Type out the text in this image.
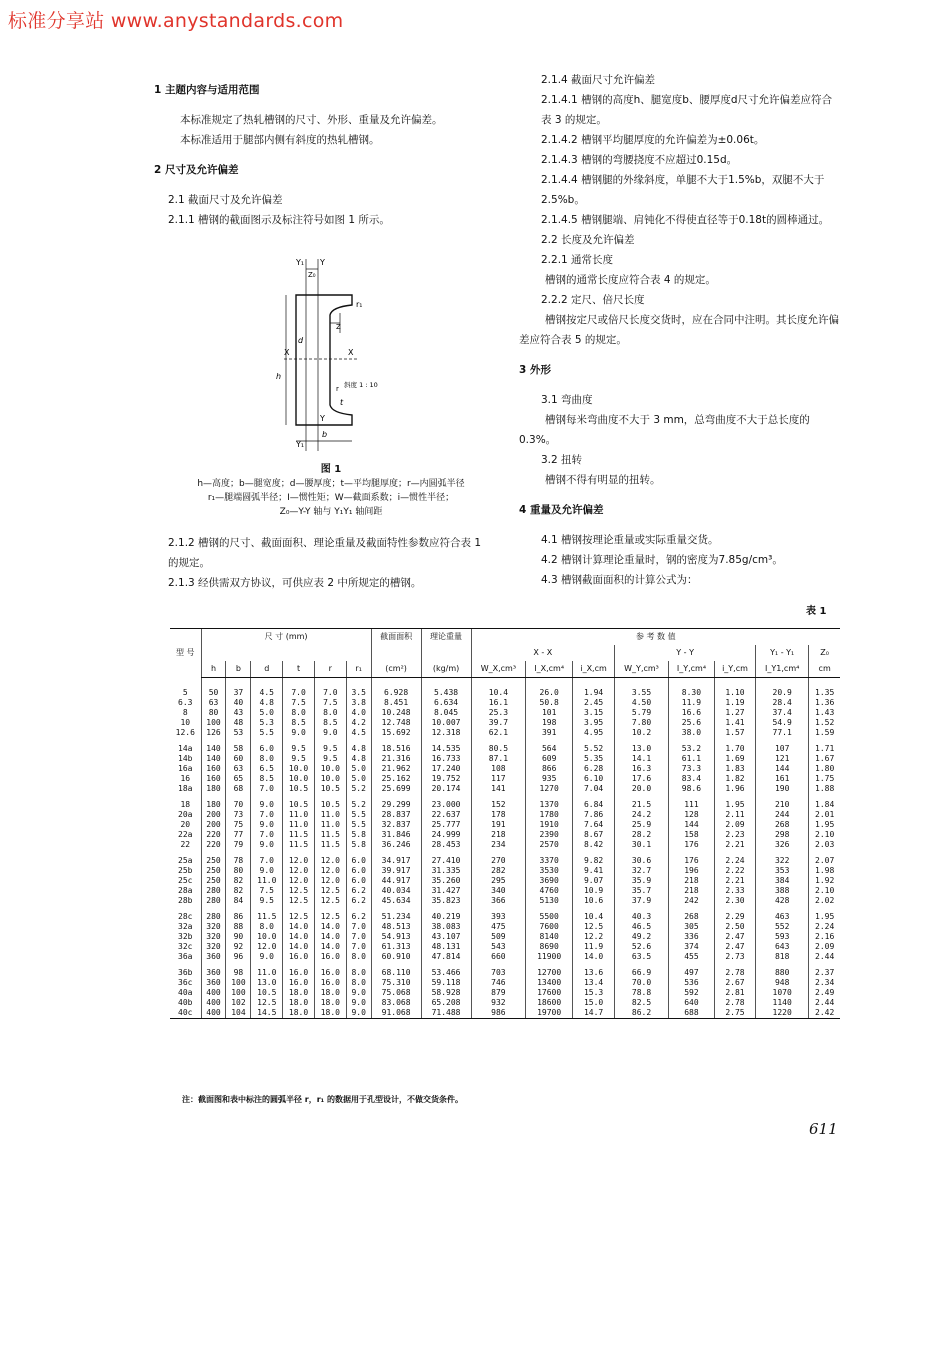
标准分享站 www.anystandards.com

1 主题内容与适用范围

本标准规定了热轧槽钢的尺寸、外形、重量及允许偏差。

本标准适用于腿部内侧有斜度的热轧槽钢。

2 尺寸及允许偏差

2.1 截面尺寸及允许偏差

2.1.1 槽钢的截面图示及标注符号如图 1 所示。

Y₁ Y
Z₀
r₁
Z
d
h
X	X
r 斜度 1 : 10
t
Y
Y₁
b
图 1
h—高度；b—腿宽度；d—腰厚度；t—平均腿厚度；r—内圆弧半径
r₁—腿端圆弧半径；I—惯性矩；W—截面系数；i—惯性半径；
Z₀—Y-Y 轴与 Y₁Y₁ 轴间距

2.1.2 槽钢的尺寸、截面面积、理论重量及截面特性参数应符合表 1 的规定。

2.1.3 经供需双方协议，可供应表 2 中所规定的槽钢。

2.1.4 截面尺寸允许偏差

2.1.4.1 槽钢的高度h、腿宽度b、腰厚度d尺寸允许偏差应符合表 3 的规定。

2.1.4.2 槽钢平均腿厚度的允许偏差为±0.06t。

2.1.4.3 槽钢的弯腰挠度不应超过0.15d。

2.1.4.4 槽钢腿的外缘斜度，单腿不大于1.5%b，双腿不大于2.5%b。

2.1.4.5 槽钢腿端、肩钝化不得使直径等于0.18t的圆棒通过。

2.2 长度及允许偏差

2.2.1 通常长度

槽钢的通常长度应符合表 4 的规定。

2.2.2 定尺、倍尺长度

槽钢按定尺或倍尺长度交货时，应在合同中注明。其长度允许偏差应符合表 5 的规定。

3 外形

3.1 弯曲度

槽钢每米弯曲度不大于 3 mm，总弯曲度不大于总长度的0.3%。

3.2 扭转

槽钢不得有明显的扭转。

4 重量及允许偏差

4.1 槽钢按理论重量或实际重量交货。

4.2 槽钢计算理论重量时，钢的密度为7.85g/cm³。

4.3 槽钢截面面积的计算公式为：

表 1
型 号	尺 寸 (mm)						截面面积	理论重量	参 考 数 值							
									X - X			Y - Y			Y₁ - Y₁	Z₀
	h	b	d	t	r	r₁	(cm²)	(kg/m)	W_X,cm³	I_X,cm⁴	i_X,cm	W_Y,cm³	I_Y,cm⁴	i_Y,cm	I_Y1,cm⁴	cm
5	50	37	4.5	7.0	7.0	3.5	6.928	5.438	10.4	26.0	1.94	3.55	8.30	1.10	20.9	1.35
6.3	63	40	4.8	7.5	7.5	3.8	8.451	6.634	16.1	50.8	2.45	4.50	11.9	1.19	28.4	1.36
8	80	43	5.0	8.0	8.0	4.0	10.248	8.045	25.3	101	3.15	5.79	16.6	1.27	37.4	1.43
10	100	48	5.3	8.5	8.5	4.2	12.748	10.007	39.7	198	3.95	7.80	25.6	1.41	54.9	1.52
12.6	126	53	5.5	9.0	9.0	4.5	15.692	12.318	62.1	391	4.95	10.2	38.0	1.57	77.1	1.59
14a	140	58	6.0	9.5	9.5	4.8	18.516	14.535	80.5	564	5.52	13.0	53.2	1.70	107	1.71
14b	140	60	8.0	9.5	9.5	4.8	21.316	16.733	87.1	609	5.35	14.1	61.1	1.69	121	1.67
16a	160	63	6.5	10.0	10.0	5.0	21.962	17.240	108	866	6.28	16.3	73.3	1.83	144	1.80
16	160	65	8.5	10.0	10.0	5.0	25.162	19.752	117	935	6.10	17.6	83.4	1.82	161	1.75
18a	180	68	7.0	10.5	10.5	5.2	25.699	20.174	141	1270	7.04	20.0	98.6	1.96	190	1.88
18	180	70	9.0	10.5	10.5	5.2	29.299	23.000	152	1370	6.84	21.5	111	1.95	210	1.84
20a	200	73	7.0	11.0	11.0	5.5	28.837	22.637	178	1780	7.86	24.2	128	2.11	244	2.01
20	200	75	9.0	11.0	11.0	5.5	32.837	25.777	191	1910	7.64	25.9	144	2.09	268	1.95
22a	220	77	7.0	11.5	11.5	5.8	31.846	24.999	218	2390	8.67	28.2	158	2.23	298	2.10
22	220	79	9.0	11.5	11.5	5.8	36.246	28.453	234	2570	8.42	30.1	176	2.21	326	2.03
25a	250	78	7.0	12.0	12.0	6.0	34.917	27.410	270	3370	9.82	30.6	176	2.24	322	2.07
25b	250	80	9.0	12.0	12.0	6.0	39.917	31.335	282	3530	9.41	32.7	196	2.22	353	1.98
25c	250	82	11.0	12.0	12.0	6.0	44.917	35.260	295	3690	9.07	35.9	218	2.21	384	1.92
28a	280	82	7.5	12.5	12.5	6.2	40.034	31.427	340	4760	10.9	35.7	218	2.33	388	2.10
28b	280	84	9.5	12.5	12.5	6.2	45.634	35.823	366	5130	10.6	37.9	242	2.30	428	2.02
28c	280	86	11.5	12.5	12.5	6.2	51.234	40.219	393	5500	10.4	40.3	268	2.29	463	1.95
32a	320	88	8.0	14.0	14.0	7.0	48.513	38.083	475	7600	12.5	46.5	305	2.50	552	2.24
32b	320	90	10.0	14.0	14.0	7.0	54.913	43.107	509	8140	12.2	49.2	336	2.47	593	2.16
32c	320	92	12.0	14.0	14.0	7.0	61.313	48.131	543	8690	11.9	52.6	374	2.47	643	2.09
36a	360	96	9.0	16.0	16.0	8.0	60.910	47.814	660	11900	14.0	63.5	455	2.73	818	2.44
36b	360	98	11.0	16.0	16.0	8.0	68.110	53.466	703	12700	13.6	66.9	497	2.78	880	2.37
36c	360	100	13.0	16.0	16.0	8.0	75.310	59.118	746	13400	13.4	70.0	536	2.67	948	2.34
40a	400	100	10.5	18.0	18.0	9.0	75.068	58.928	879	17600	15.3	78.8	592	2.81	1070	2.49
40b	400	102	12.5	18.0	18.0	9.0	83.068	65.208	932	18600	15.0	82.5	640	2.78	1140	2.44
40c	400	104	14.5	18.0	18.0	9.0	91.068	71.488	986	19700	14.7	86.2	688	2.75	1220	2.42
注：截面图和表中标注的圆弧半径 r，r₁ 的数据用于孔型设计，不做交货条件。
611
